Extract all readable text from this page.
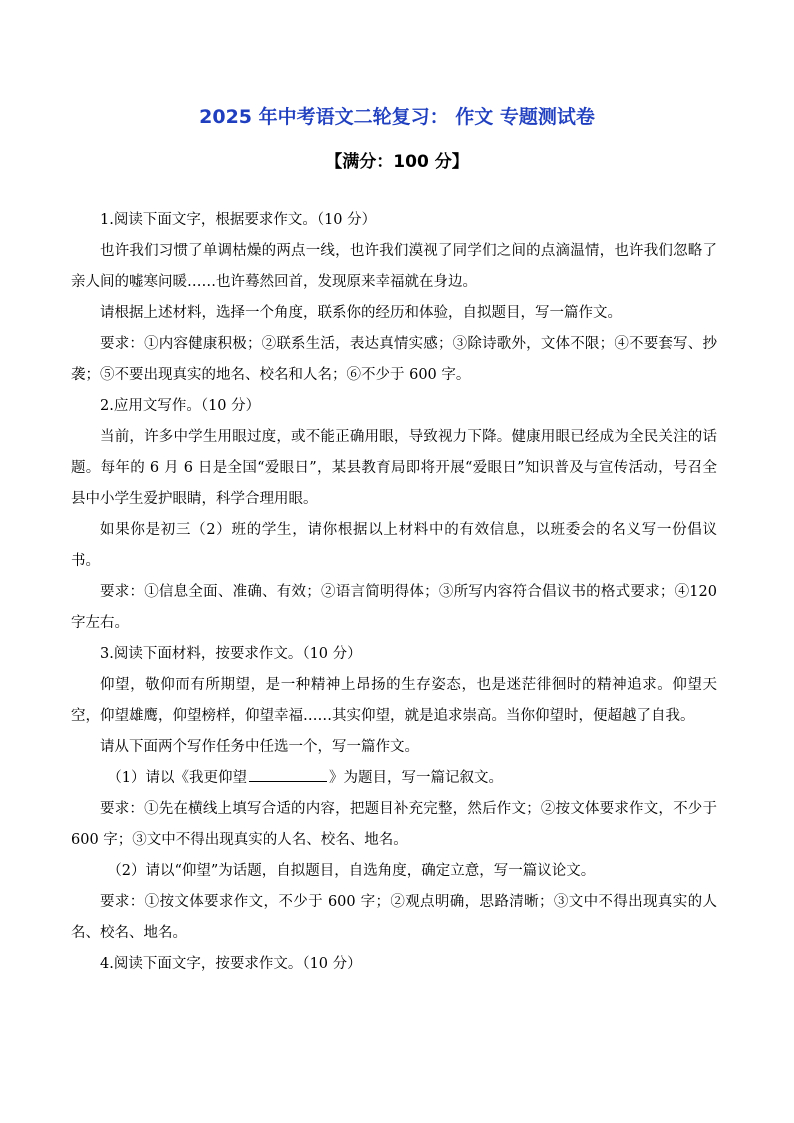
2025 年中考语文二轮复习： 作文 专题测试卷
【满分：100 分】

1.阅读下面文字，根据要求作文。（10 分）

也许我们习惯了单调枯燥的两点一线，也许我们漠视了同学们之间的点滴温情，也许我们忽略了亲人间的嘘寒问暖……也许蓦然回首，发现原来幸福就在身边。

请根据上述材料，选择一个角度，联系你的经历和体验，自拟题目，写一篇作文。

要求：①内容健康积极；②联系生活，表达真情实感；③除诗歌外，文体不限；④不要套写、抄袭；⑤不要出现真实的地名、校名和人名；⑥不少于 600 字。

2.应用文写作。（10 分）

当前，许多中学生用眼过度，或不能正确用眼，导致视力下降。健康用眼已经成为全民关注的话题。每年的 6 月 6 日是全国“爱眼日”，某县教育局即将开展“爱眼日”知识普及与宣传活动，号召全县中小学生爱护眼睛，科学合理用眼。

如果你是初三（2）班的学生，请你根据以上材料中的有效信息，以班委会的名义写一份倡议书。

要求：①信息全面、准确、有效；②语言简明得体；③所写内容符合倡议书的格式要求；④120 字左右。

3.阅读下面材料，按要求作文。（10 分）

仰望，敬仰而有所期望，是一种精神上昂扬的生存姿态，也是迷茫徘徊时的精神追求。仰望天空，仰望雄鹰，仰望榜样，仰望幸福……其实仰望，就是追求崇高。当你仰望时，便超越了自我。

请从下面两个写作任务中任选一个，写一篇作文。

（1）请以《我更仰望	》为题目，写一篇记叙文。

要求：①先在横线上填写合适的内容，把题目补充完整，然后作文；②按文体要求作文，不少于 600 字；③文中不得出现真实的人名、校名、地名。

（2）请以“仰望”为话题，自拟题目，自选角度，确定立意，写一篇议论文。

要求：①按文体要求作文，不少于 600 字；②观点明确，思路清晰；③文中不得出现真实的人名、校名、地名。

4.阅读下面文字，按要求作文。（10 分）
